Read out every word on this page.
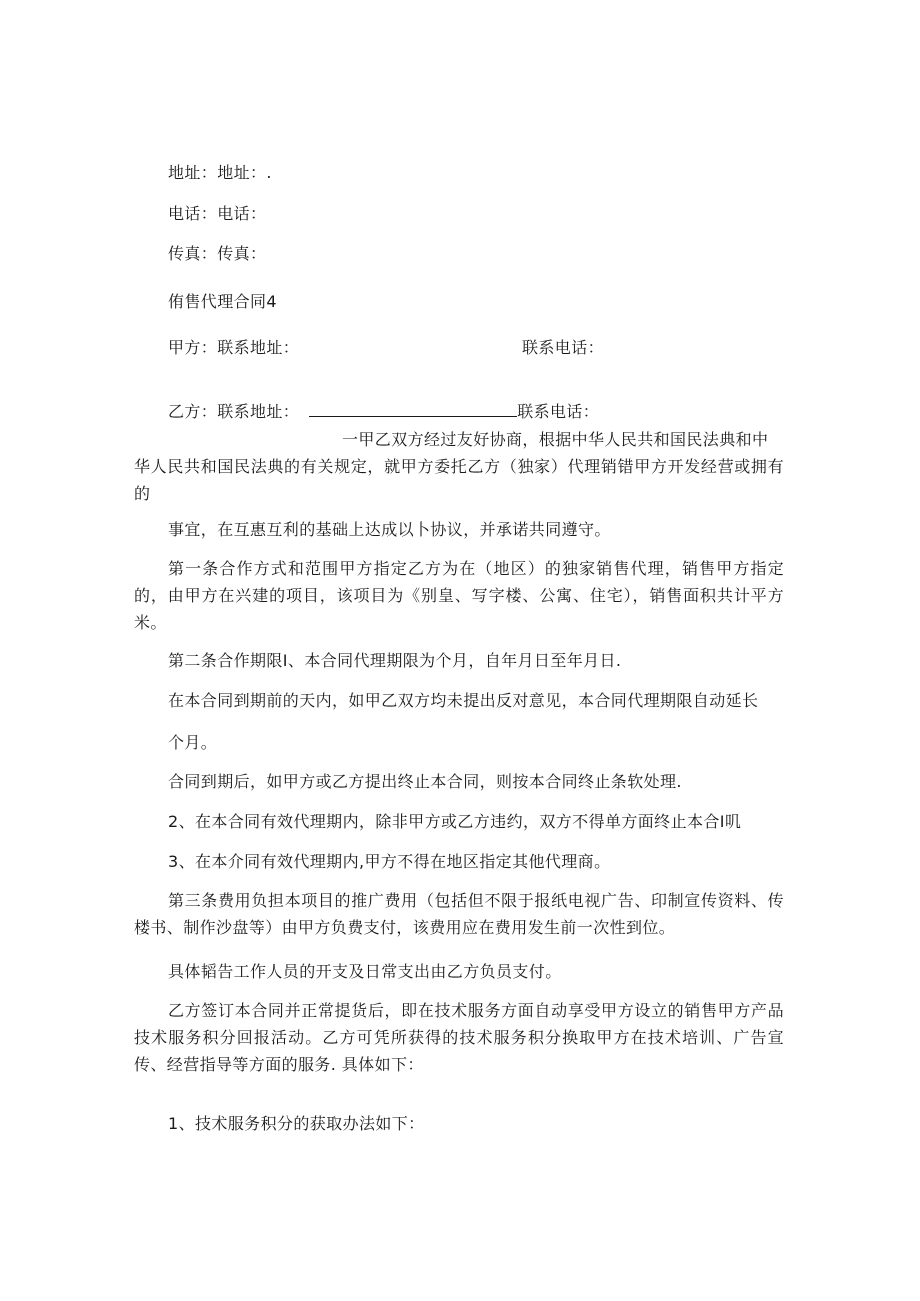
地址：地址：.
电话：电话：
传真：传真：
侑售代理合同4
甲方：联系地址：	联系电话：
乙方：联系地址：	联系电话：
一甲乙双方经过友好协商，根据中华人民共和国民法典和中
华人民共和国民法典的有关规定，就甲方委托乙方（独家）代理销错甲方开发经营或拥有的
事宜，在互惠互利的基础上达成以卜协议，并承诺共同遵守。
第一条合作方式和范围甲方指定乙方为在（地区）的独家销售代理，销售甲方指定的，由甲方在兴建的项目，该项目为《别皇、写字楼、公寓、住宅），销售面积共计平方米。
第二条合作期限Ⅰ、本合同代理期限为个月，自年月日至年月日.
在本合同到期前的天内，如甲乙双方均未提出反对意见，本合同代理期限自动延长
个月。
合同到期后，如甲方或乙方提出终止本合同，则按本合同终止条软处理.
2、在本合同有效代理期内，除非甲方或乙方违约，双方不得单方面终止本合Ⅰ叽
3、在本介同有效代理期内,甲方不得在地区指定其他代理商。
第三条费用负担本项目的推广费用（包括但不限于报纸电视广告、印制宣传资料、传楼书、制作沙盘等）由甲方负费支付，该费用应在费用发生前一次性到位。
具体韬告工作人员的开支及日常支出由乙方负员支付。
乙方签订本合同并正常提货后，即在技术服务方面自动享受甲方设立的销售甲方产品技术服务积分回报活动。乙方可凭所获得的技术服务积分换取甲方在技术培训、广告宣传、经营指导等方面的服务. 具体如下：
1、技术服务积分的获取办法如下：
